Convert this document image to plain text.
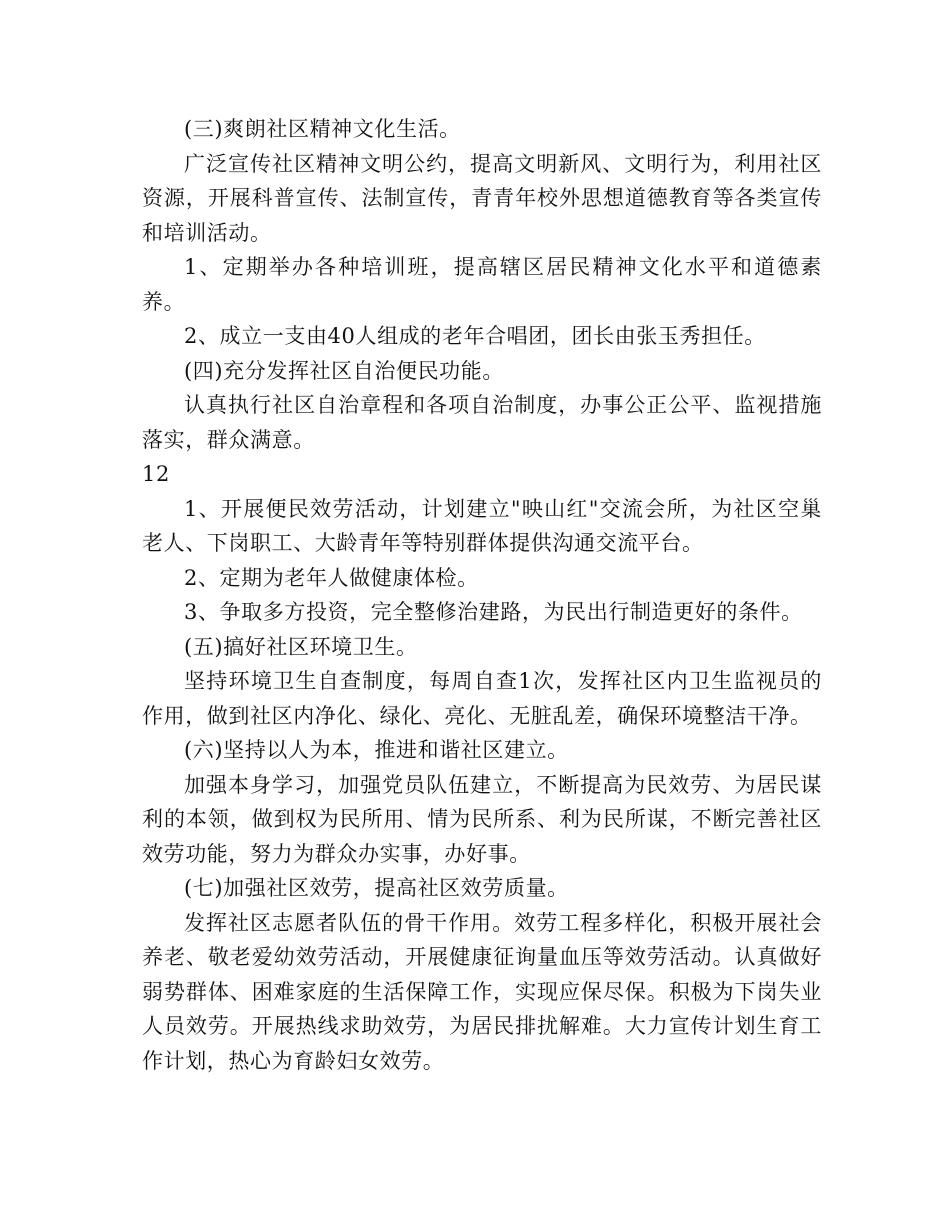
(三)爽朗社区精神文化生活。

广泛宣传社区精神文明公约，提高文明新风、文明行为，利用社区资源，开展科普宣传、法制宣传，青青年校外思想道德教育等各类宣传和培训活动。

1、定期举办各种培训班，提高辖区居民精神文化水平和道德素养。

2、成立一支由40人组成的老年合唱团，团长由张玉秀担任。

(四)充分发挥社区自治便民功能。

认真执行社区自治章程和各项自治制度，办事公正公平、监视措施落实，群众满意。

12

1、开展便民效劳活动，计划建立"映山红"交流会所，为社区空巢老人、下岗职工、大龄青年等特别群体提供沟通交流平台。

2、定期为老年人做健康体检。

3、争取多方投资，完全整修治建路，为民出行制造更好的条件。

(五)搞好社区环境卫生。

坚持环境卫生自查制度，每周自查1次，发挥社区内卫生监视员的作用，做到社区内净化、绿化、亮化、无脏乱差，确保环境整洁干净。

(六)坚持以人为本，推进和谐社区建立。

加强本身学习，加强党员队伍建立，不断提高为民效劳、为居民谋利的本领，做到权为民所用、情为民所系、利为民所谋，不断完善社区效劳功能，努力为群众办实事，办好事。

(七)加强社区效劳，提高社区效劳质量。

发挥社区志愿者队伍的骨干作用。效劳工程多样化，积极开展社会养老、敬老爱幼效劳活动，开展健康征询量血压等效劳活动。认真做好弱势群体、困难家庭的生活保障工作，实现应保尽保。积极为下岗失业人员效劳。开展热线求助效劳，为居民排扰解难。大力宣传计划生育工作计划，热心为育龄妇女效劳。
